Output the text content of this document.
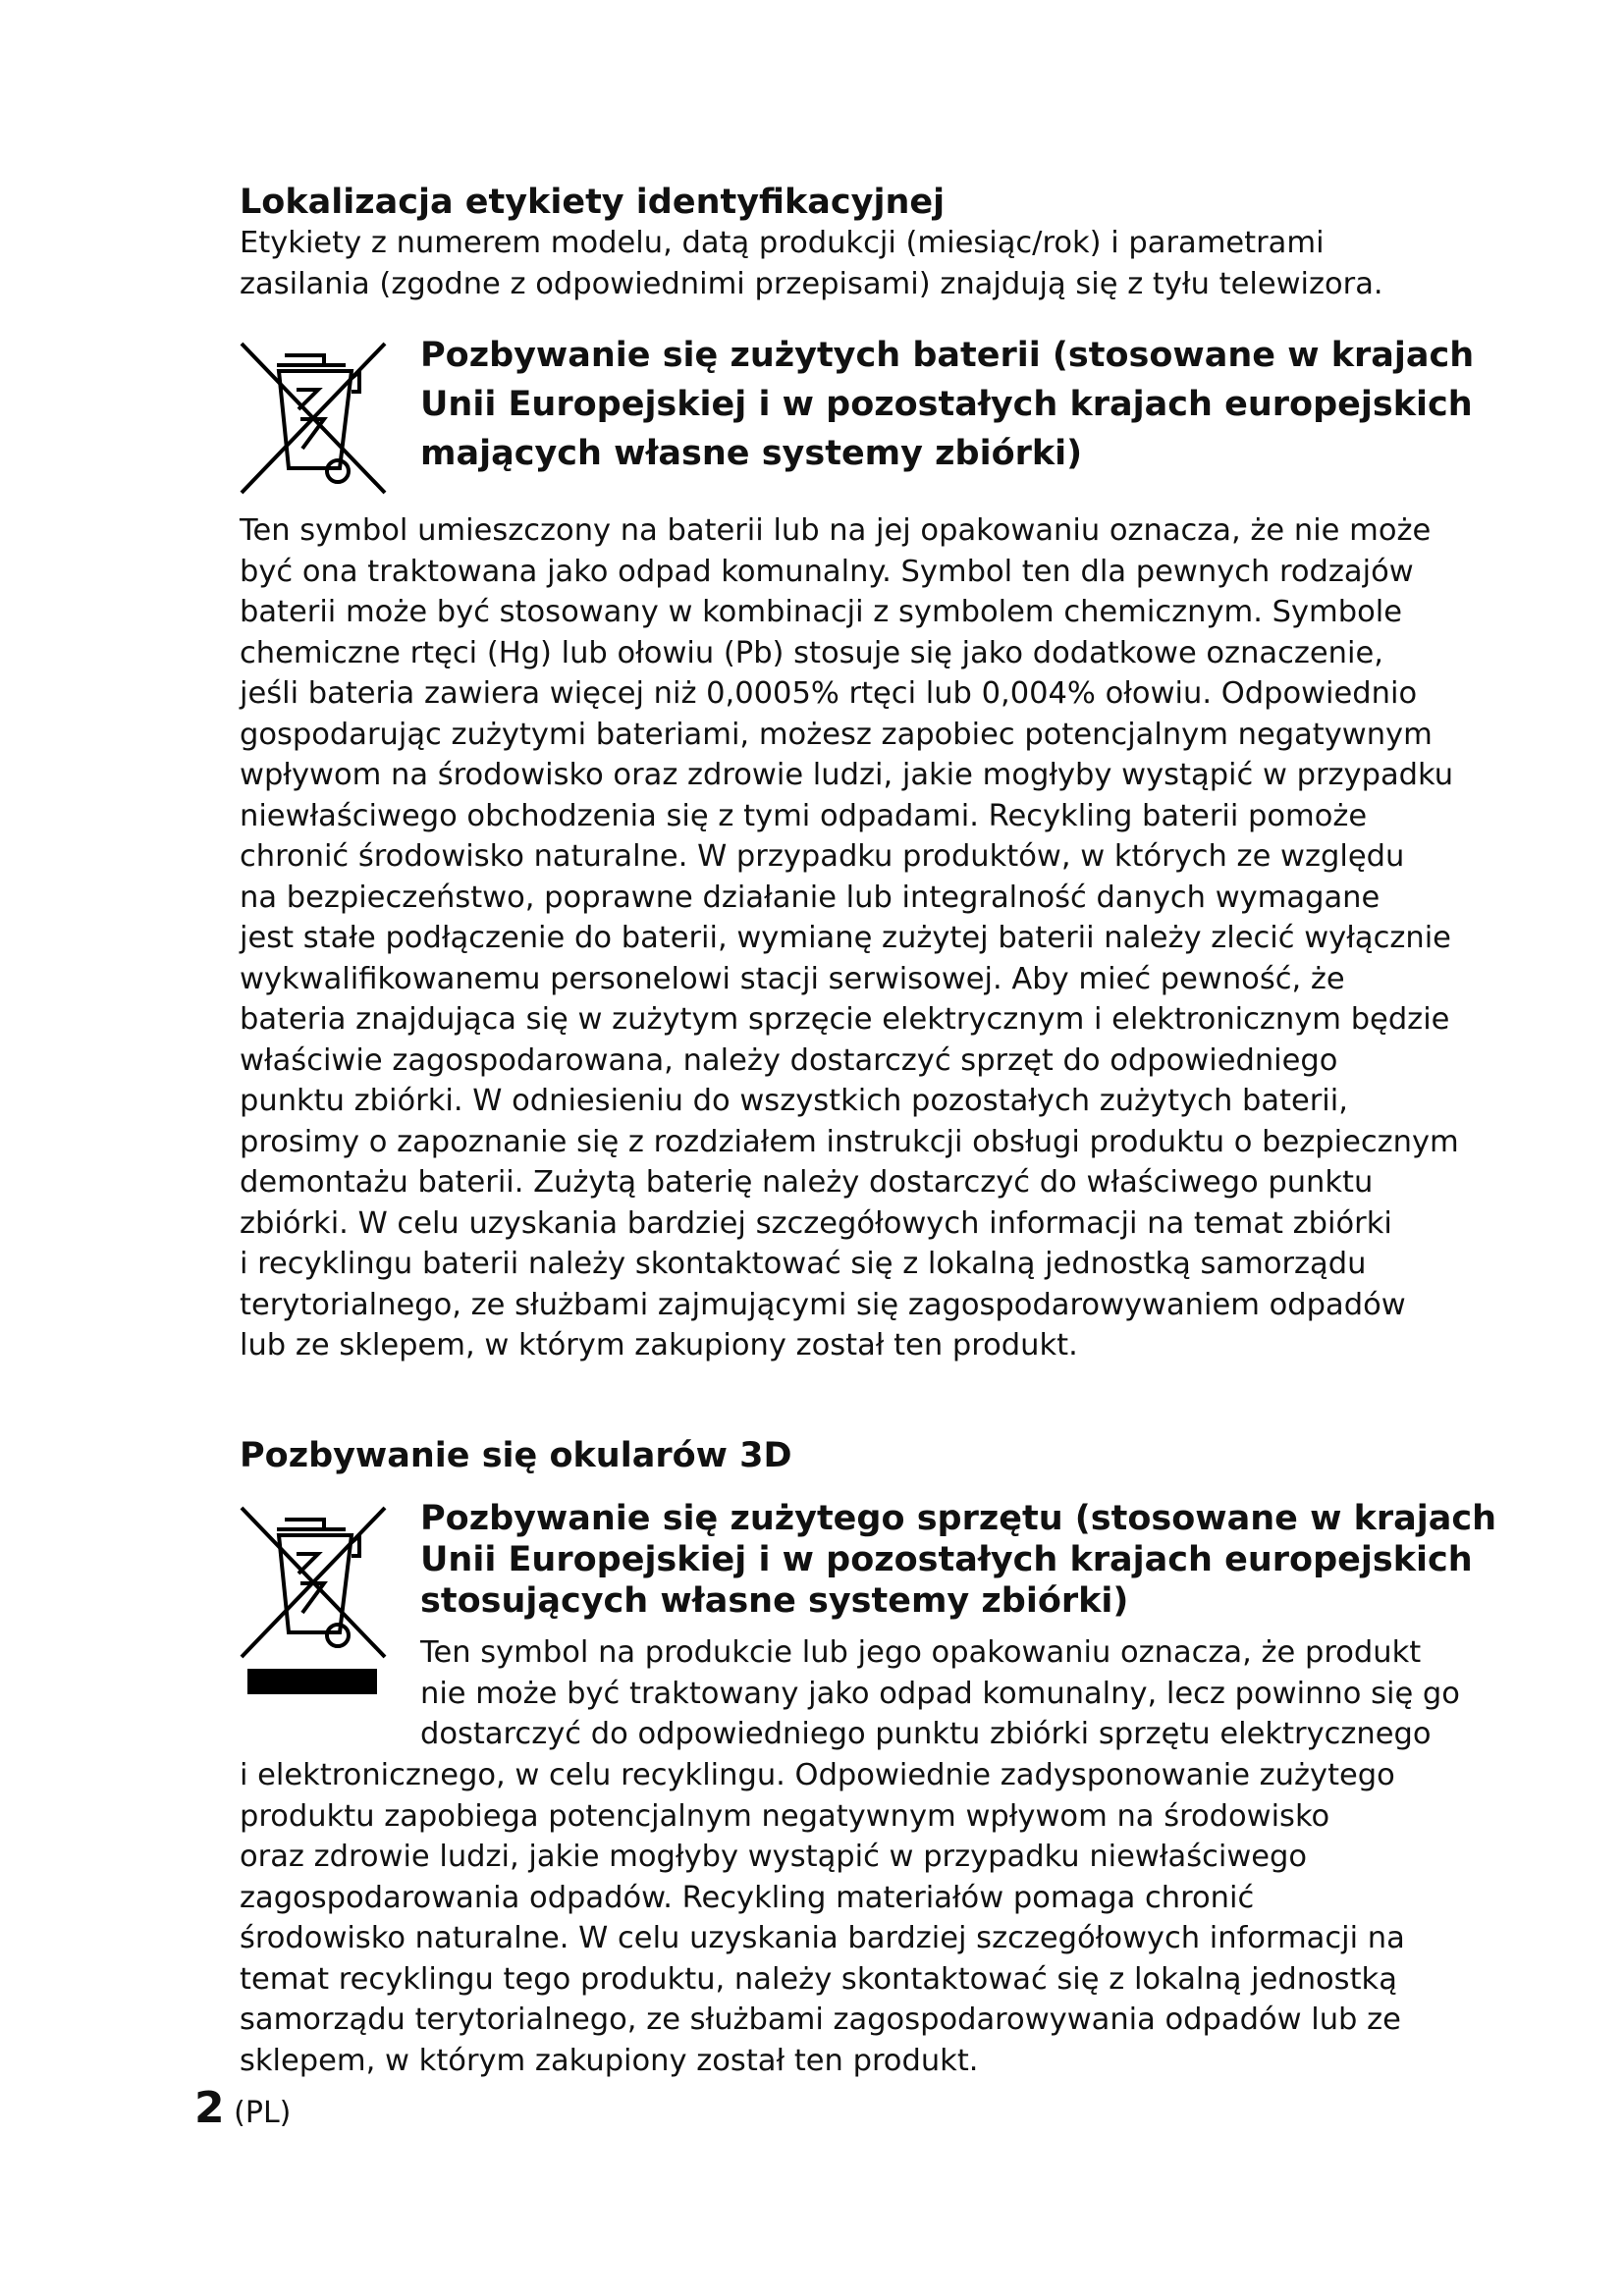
Lokalizacja etykiety identyfikacyjnej
Etykiety z numerem modelu, datą produkcji (miesiąc/rok) i parametrami
zasilania (zgodne z odpowiednimi przepisami) znajdują się z tyłu telewizora.
Pozbywanie się zużytych baterii (stosowane w krajach
Unii Europejskiej i w pozostałych krajach europejskich
mających własne systemy zbiórki)
Ten symbol umieszczony na baterii lub na jej opakowaniu oznacza, że nie może
być ona traktowana jako odpad komunalny. Symbol ten dla pewnych rodzajów
baterii może być stosowany w kombinacji z symbolem chemicznym. Symbole
chemiczne rtęci (Hg) lub ołowiu (Pb) stosuje się jako dodatkowe oznaczenie,
jeśli bateria zawiera więcej niż 0,0005% rtęci lub 0,004% ołowiu. Odpowiednio
gospodarując zużytymi bateriami, możesz zapobiec potencjalnym negatywnym
wpływom na środowisko oraz zdrowie ludzi, jakie mogłyby wystąpić w przypadku
niewłaściwego obchodzenia się z tymi odpadami. Recykling baterii pomoże
chronić środowisko naturalne. W przypadku produktów, w których ze względu
na bezpieczeństwo, poprawne działanie lub integralność danych wymagane
jest stałe podłączenie do baterii, wymianę zużytej baterii należy zlecić wyłącznie
wykwalifikowanemu personelowi stacji serwisowej. Aby mieć pewność, że
bateria znajdująca się w zużytym sprzęcie elektrycznym i elektronicznym będzie
właściwie zagospodarowana, należy dostarczyć sprzęt do odpowiedniego
punktu zbiórki. W odniesieniu do wszystkich pozostałych zużytych baterii,
prosimy o zapoznanie się z rozdziałem instrukcji obsługi produktu o bezpiecznym
demontażu baterii. Zużytą baterię należy dostarczyć do właściwego punktu
zbiórki. W celu uzyskania bardziej szczegółowych informacji na temat zbiórki
i recyklingu baterii należy skontaktować się z lokalną jednostką samorządu
terytorialnego, ze służbami zajmującymi się zagospodarowywaniem odpadów
lub ze sklepem, w którym zakupiony został ten produkt.
Pozbywanie się okularów 3D
Pozbywanie się zużytego sprzętu (stosowane w krajach
Unii Europejskiej i w pozostałych krajach europejskich
stosujących własne systemy zbiórki)
Ten symbol na produkcie lub jego opakowaniu oznacza, że produkt
nie może być traktowany jako odpad komunalny, lecz powinno się go
dostarczyć do odpowiedniego punktu zbiórki sprzętu elektrycznego
i elektronicznego, w celu recyklingu. Odpowiednie zadysponowanie zużytego
produktu zapobiega potencjalnym negatywnym wpływom na środowisko
oraz zdrowie ludzi, jakie mogłyby wystąpić w przypadku niewłaściwego
zagospodarowania odpadów. Recykling materiałów pomaga chronić
środowisko naturalne. W celu uzyskania bardziej szczegółowych informacji na
temat recyklingu tego produktu, należy skontaktować się z lokalną jednostką
samorządu terytorialnego, ze służbami zagospodarowywania odpadów lub ze
sklepem, w którym zakupiony został ten produkt.
2 (PL)
